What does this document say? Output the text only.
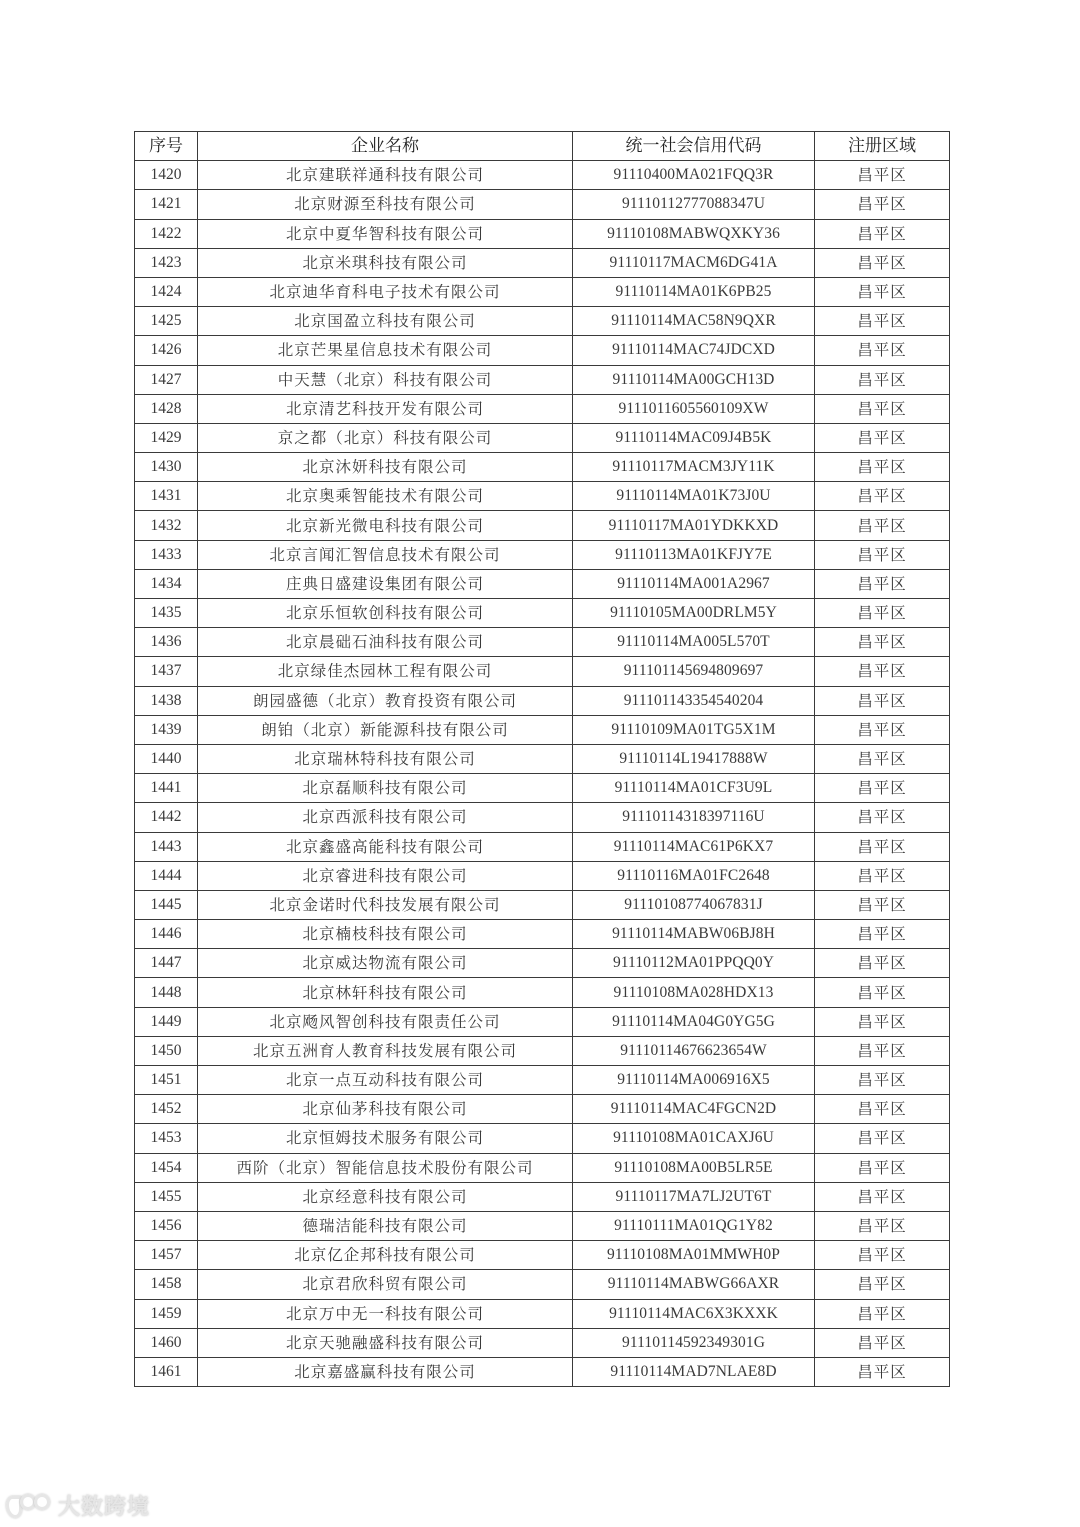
序号	企业名称	统一社会信用代码	注册区域
1420	北京建联祥通科技有限公司	91110400MA021FQQ3R	昌平区
1421	北京财源至科技有限公司	91110112777088347U	昌平区
1422	北京中夏华智科技有限公司	91110108MABWQXKY36	昌平区
1423	北京米琪科技有限公司	91110117MACM6DG41A	昌平区
1424	北京迪华育科电子技术有限公司	91110114MA01K6PB25	昌平区
1425	北京国盈立科技有限公司	91110114MAC58N9QXR	昌平区
1426	北京芒果星信息技术有限公司	91110114MAC74JDCXD	昌平区
1427	中天慧（北京）科技有限公司	91110114MA00GCH13D	昌平区
1428	北京清艺科技开发有限公司	9111011605560109XW	昌平区
1429	京之都（北京）科技有限公司	91110114MAC09J4B5K	昌平区
1430	北京沐妍科技有限公司	91110117MACM3JY11K	昌平区
1431	北京奥乘智能技术有限公司	91110114MA01K73J0U	昌平区
1432	北京新光微电科技有限公司	91110117MA01YDKKXD	昌平区
1433	北京言闻汇智信息技术有限公司	91110113MA01KFJY7E	昌平区
1434	庄典日盛建设集团有限公司	91110114MA001A2967	昌平区
1435	北京乐恒软创科技有限公司	91110105MA00DRLM5Y	昌平区
1436	北京晨础石油科技有限公司	91110114MA005L570T	昌平区
1437	北京绿佳杰园林工程有限公司	911101145694809697	昌平区
1438	朗园盛德（北京）教育投资有限公司	911101143354540204	昌平区
1439	朗铂（北京）新能源科技有限公司	91110109MA01TG5X1M	昌平区
1440	北京瑞林特科技有限公司	91110114L19417888W	昌平区
1441	北京磊顺科技有限公司	91110114MA01CF3U9L	昌平区
1442	北京西派科技有限公司	91110114318397116U	昌平区
1443	北京鑫盛高能科技有限公司	91110114MAC61P6KX7	昌平区
1444	北京睿进科技有限公司	91110116MA01FC2648	昌平区
1445	北京金诺时代科技发展有限公司	91110108774067831J	昌平区
1446	北京楠枝科技有限公司	91110114MABW06BJ8H	昌平区
1447	北京威达物流有限公司	91110112MA01PPQQ0Y	昌平区
1448	北京林轩科技有限公司	91110108MA028HDX13	昌平区
1449	北京飏风智创科技有限责任公司	91110114MA04G0YG5G	昌平区
1450	北京五洲育人教育科技发展有限公司	91110114676623654W	昌平区
1451	北京一点互动科技有限公司	91110114MA006916X5	昌平区
1452	北京仙茅科技有限公司	91110114MAC4FGCN2D	昌平区
1453	北京恒姆技术服务有限公司	91110108MA01CAXJ6U	昌平区
1454	西阶（北京）智能信息技术股份有限公司	91110108MA00B5LR5E	昌平区
1455	北京经意科技有限公司	91110117MA7LJ2UT6T	昌平区
1456	德瑞洁能科技有限公司	91110111MA01QG1Y82	昌平区
1457	北京亿企邦科技有限公司	91110108MA01MMWH0P	昌平区
1458	北京君欣科贸有限公司	91110114MABWG66AXR	昌平区
1459	北京万中无一科技有限公司	91110114MAC6X3KXXK	昌平区
1460	北京天驰融盛科技有限公司	91110114592349301G	昌平区
1461	北京嘉盛赢科技有限公司	91110114MAD7NLAE8D	昌平区
大数跨境
